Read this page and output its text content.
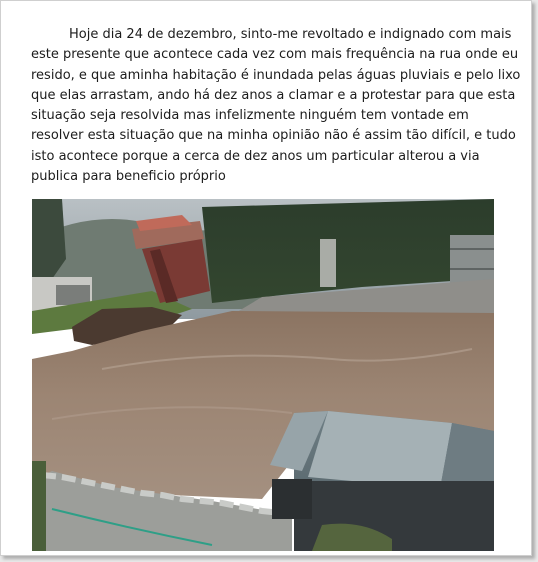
Hoje dia 24 de dezembro, sinto-me revoltado e indignado com mais
este presente que acontece cada vez com mais frequência na rua onde eu
resido, e que aminha habitação é inundada pelas águas pluviais e pelo lixo
que elas arrastam, ando há dez anos a clamar e a protestar para que esta
situação seja resolvida mas infelizmente ninguém tem vontade em
resolver esta situação que na minha opinião não é assim tão difícil, e tudo
isto acontece porque a cerca de dez anos um particular alterou a via
publica para beneficio próprio
